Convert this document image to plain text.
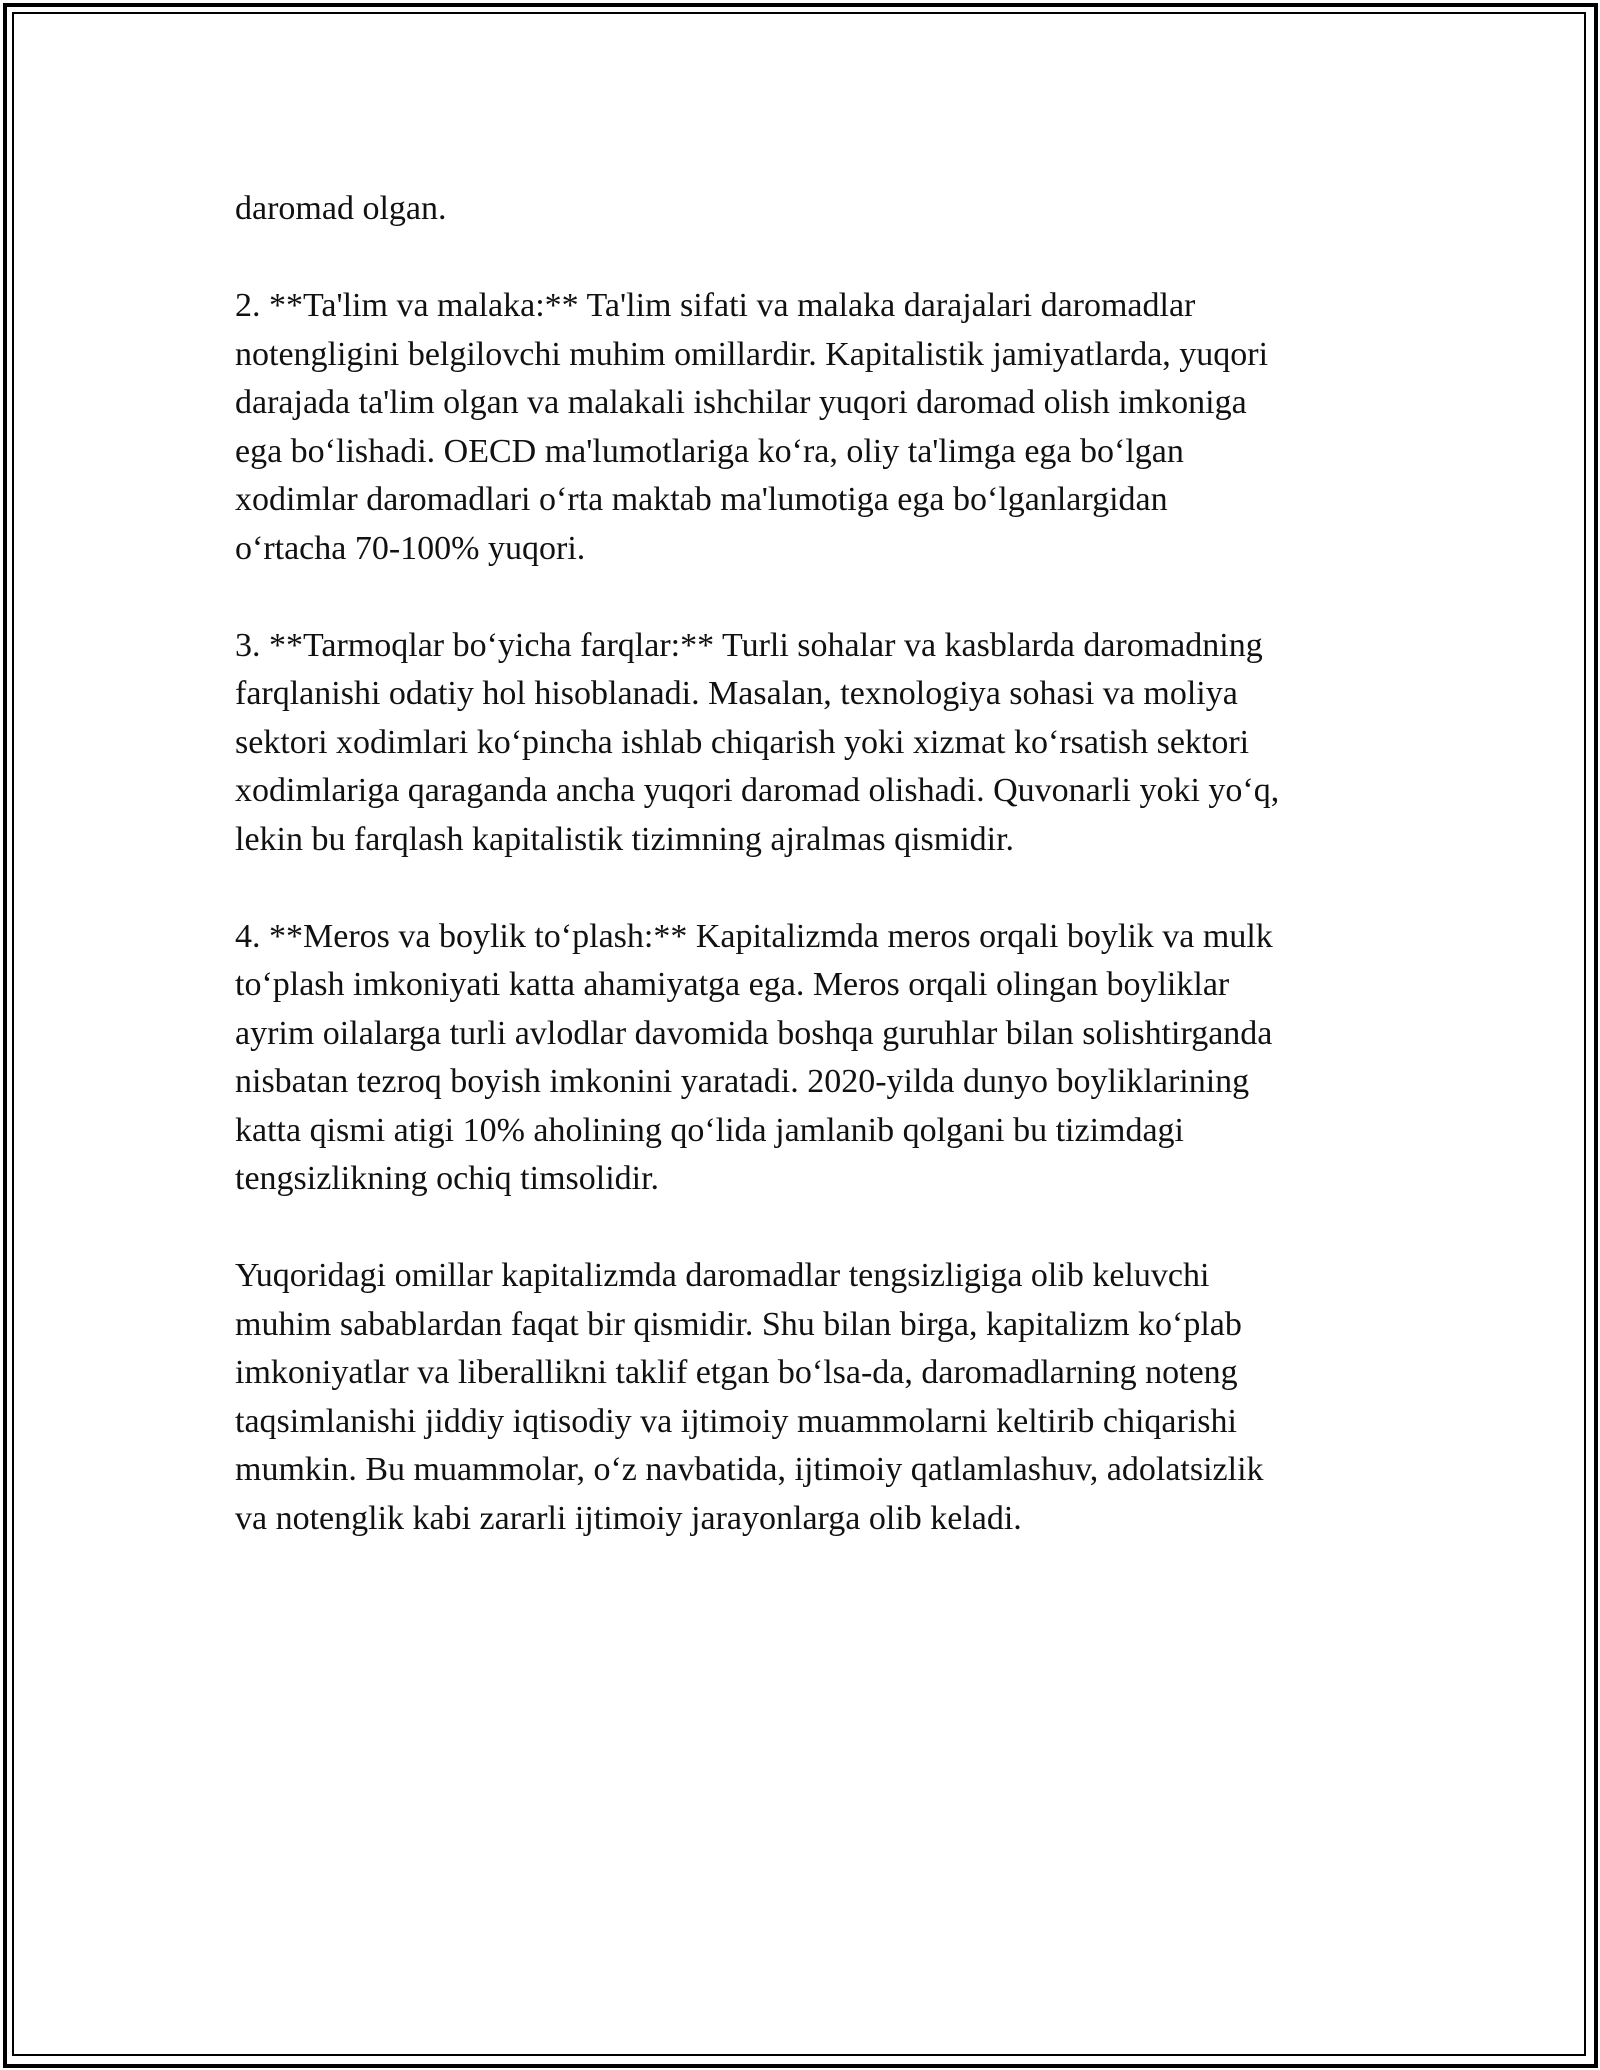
daromad olgan.

2. **Ta'lim va malaka:** Ta'lim sifati va malaka darajalari daromadlar
notengligini belgilovchi muhim omillardir. Kapitalistik jamiyatlarda, yuqori
darajada ta'lim olgan va malakali ishchilar yuqori daromad olish imkoniga
ega boʻlishadi. OECD ma'lumotlariga koʻra, oliy ta'limga ega boʻlgan
xodimlar daromadlari oʻrta maktab ma'lumotiga ega boʻlganlargidan
oʻrtacha 70-100% yuqori.

3. **Tarmoqlar boʻyicha farqlar:** Turli sohalar va kasblarda daromadning
farqlanishi odatiy hol hisoblanadi. Masalan, texnologiya sohasi va moliya
sektori xodimlari koʻpincha ishlab chiqarish yoki xizmat koʻrsatish sektori
xodimlariga qaraganda ancha yuqori daromad olishadi. Quvonarli yoki yoʻq,
lekin bu farqlash kapitalistik tizimning ajralmas qismidir.

4. **Meros va boylik toʻplash:** Kapitalizmda meros orqali boylik va mulk
toʻplash imkoniyati katta ahamiyatga ega. Meros orqali olingan boyliklar
ayrim oilalarga turli avlodlar davomida boshqa guruhlar bilan solishtirganda
nisbatan tezroq boyish imkonini yaratadi. 2020-yilda dunyo boyliklarining
katta qismi atigi 10% aholining qoʻlida jamlanib qolgani bu tizimdagi
tengsizlikning ochiq timsolidir.

Yuqoridagi omillar kapitalizmda daromadlar tengsizligiga olib keluvchi
muhim sabablardan faqat bir qismidir. Shu bilan birga, kapitalizm koʻplab
imkoniyatlar va liberallikni taklif etgan boʻlsa-da, daromadlarning noteng
taqsimlanishi jiddiy iqtisodiy va ijtimoiy muammolarni keltirib chiqarishi
mumkin. Bu muammolar, oʻz navbatida, ijtimoiy qatlamlashuv, adolatsizlik
va notenglik kabi zararli ijtimoiy jarayonlarga olib keladi.
